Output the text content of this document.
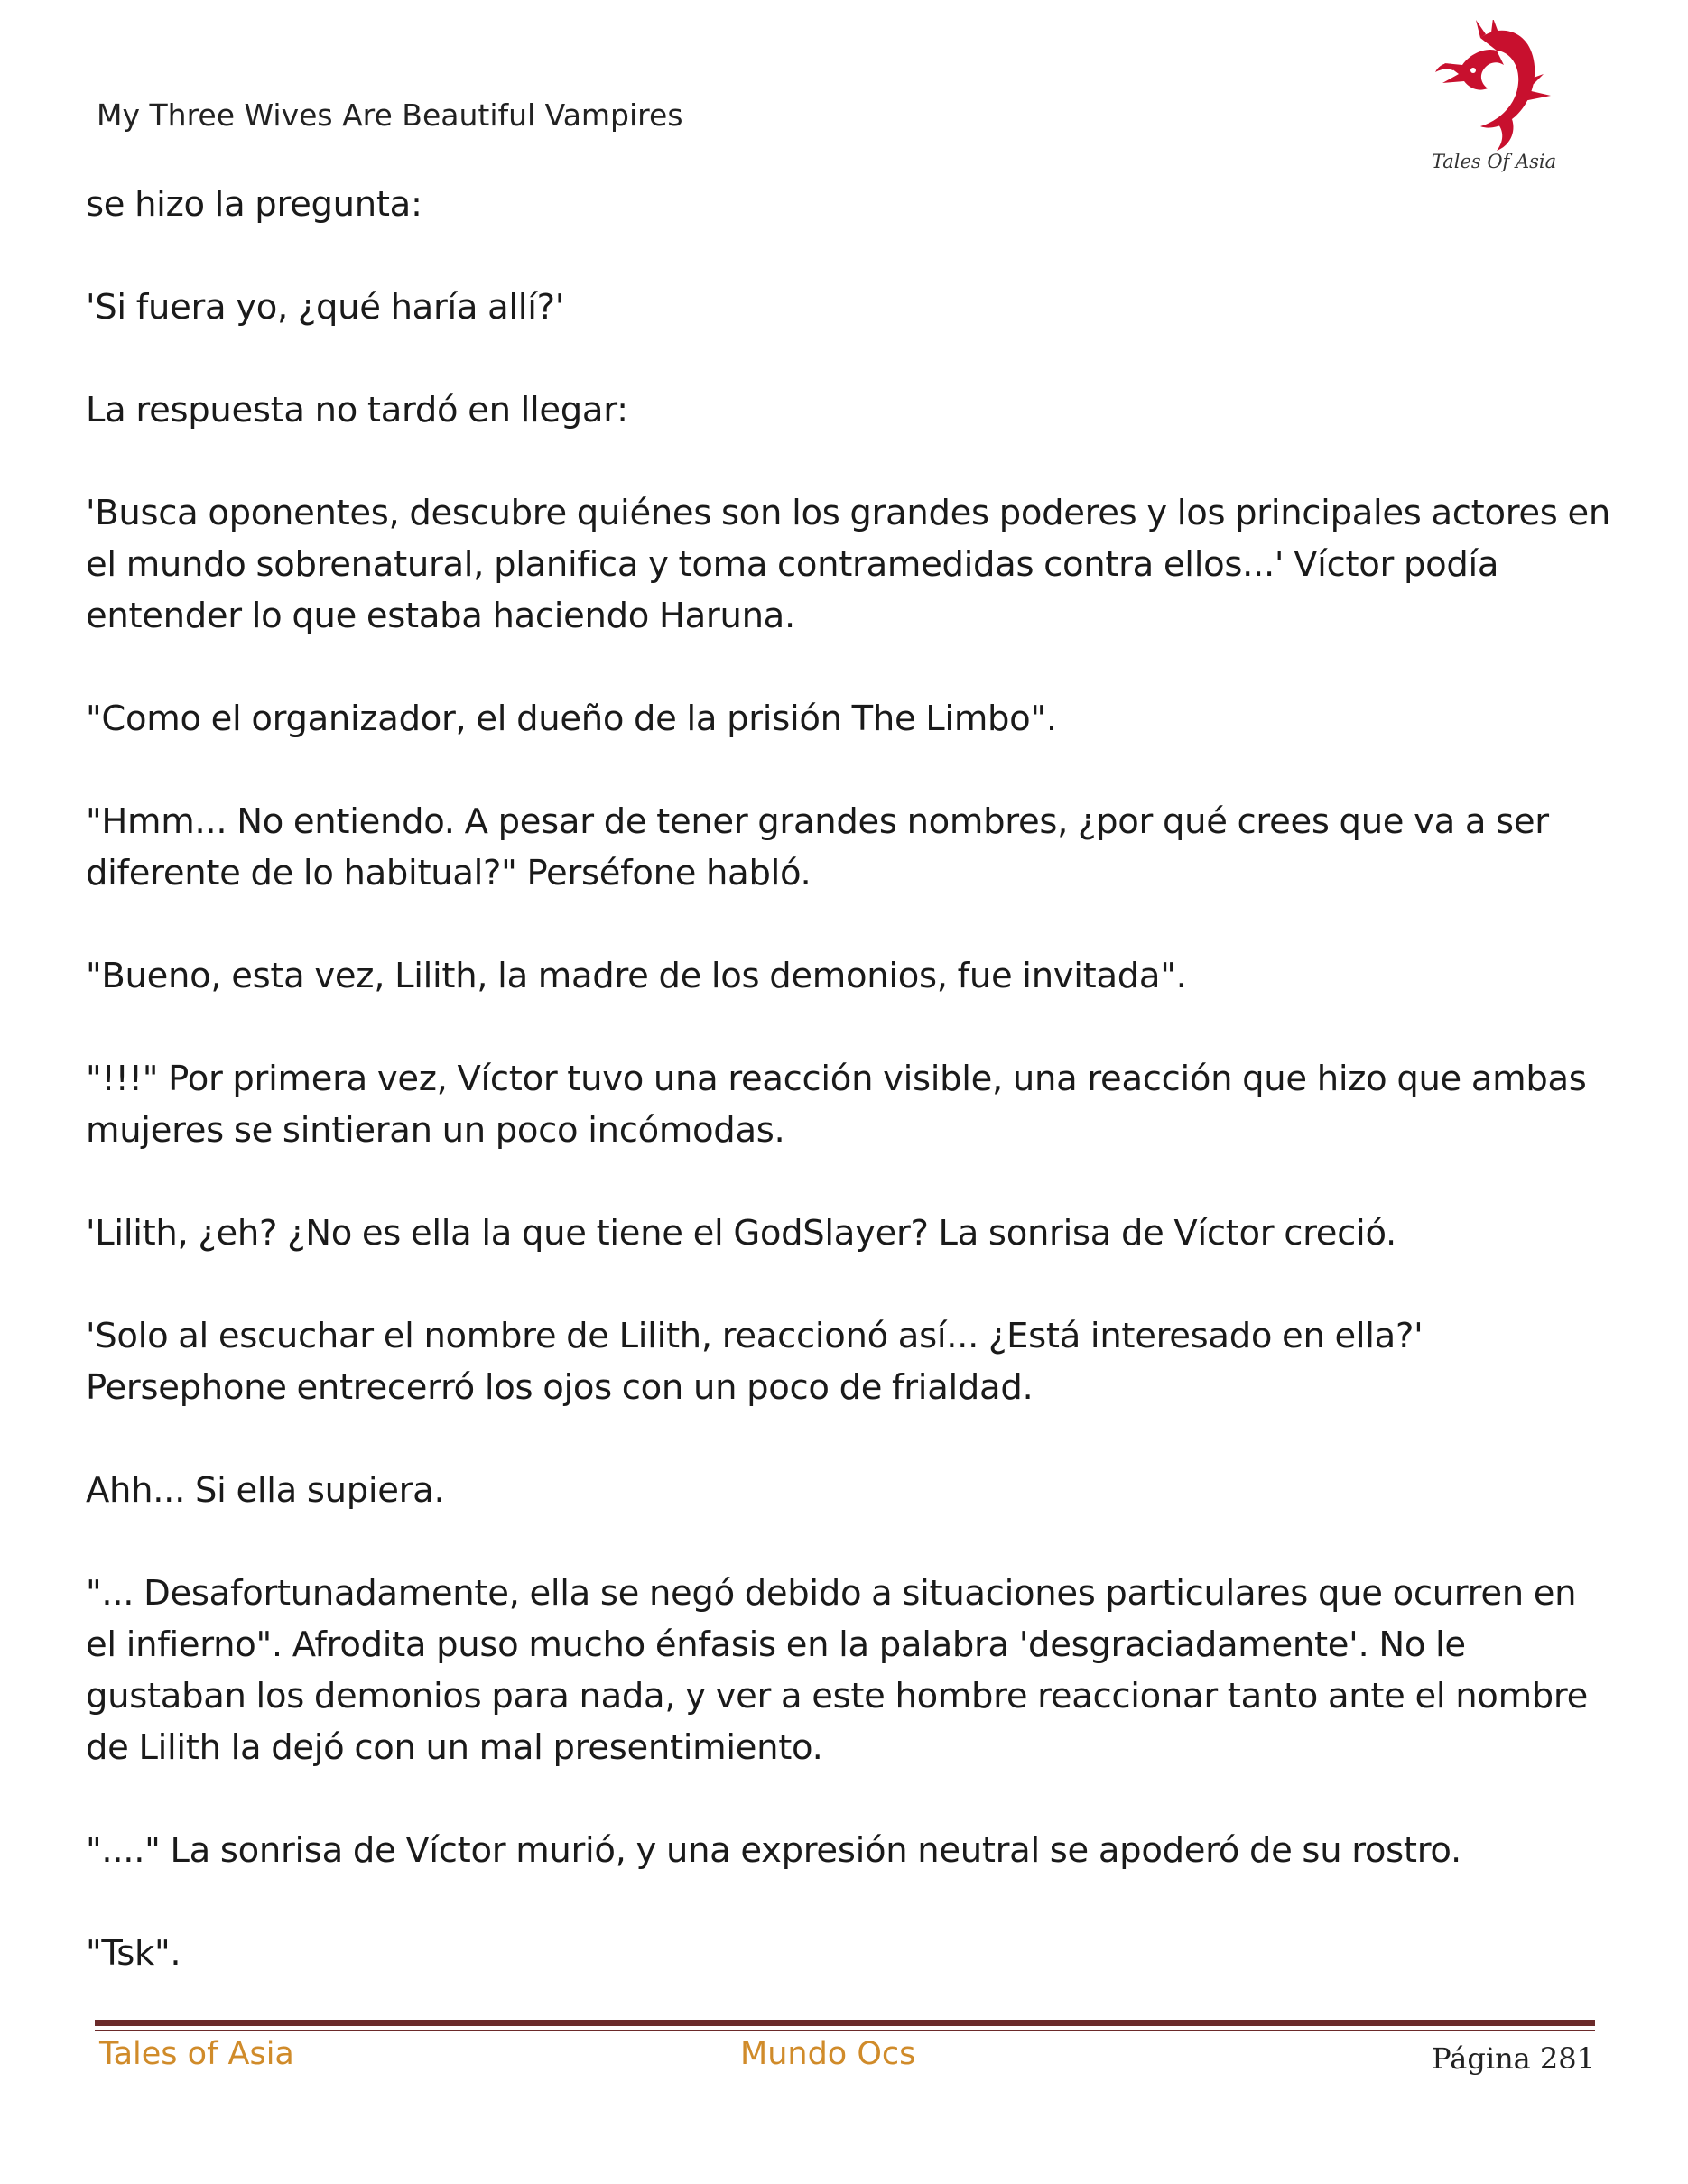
My Three Wives Are Beautiful Vampires
Tales Of Asia

se hizo la pregunta:

'Si fuera yo, ¿qué haría allí?'

La respuesta no tardó en llegar:

'Busca oponentes, descubre quiénes son los grandes poderes y los principales actores en el mundo sobrenatural, planifica y toma contramedidas contra ellos...' Víctor podía entender lo que estaba haciendo Haruna.

"Como el organizador, el dueño de la prisión The Limbo".

"Hmm... No entiendo. A pesar de tener grandes nombres, ¿por qué crees que va a ser diferente de lo habitual?" Perséfone habló.

"Bueno, esta vez, Lilith, la madre de los demonios, fue invitada".

"!!!" Por primera vez, Víctor tuvo una reacción visible, una reacción que hizo que ambas mujeres se sintieran un poco incómodas.

'Lilith, ¿eh? ¿No es ella la que tiene el GodSlayer? La sonrisa de Víctor creció.

'Solo al escuchar el nombre de Lilith, reaccionó así... ¿Está interesado en ella?' Persephone entrecerró los ojos con un poco de frialdad.

Ahh... Si ella supiera.

"... Desafortunadamente, ella se negó debido a situaciones particulares que ocurren en el infierno". Afrodita puso mucho énfasis en la palabra 'desgraciadamente'. No le gustaban los demonios para nada, y ver a este hombre reaccionar tanto ante el nombre de Lilith la dejó con un mal presentimiento.

"...." La sonrisa de Víctor murió, y una expresión neutral se apoderó de su rostro.

"Tsk".

Tales of Asia	Mundo Ocs	Página 281
